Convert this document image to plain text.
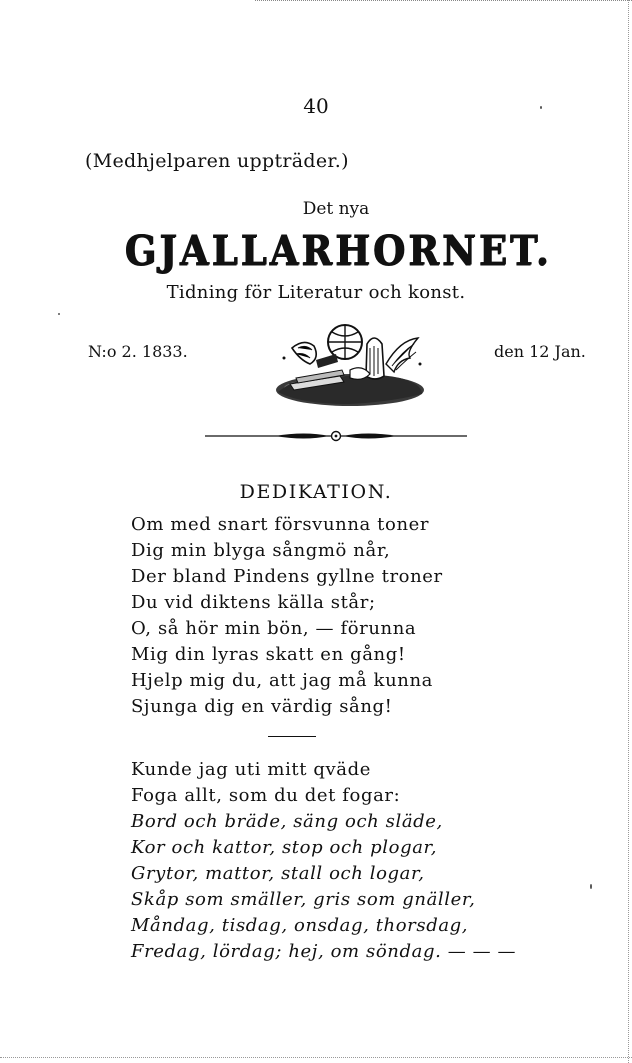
40
(Medhjelparen uppträder.)
Det nya
GJALLARHORNET.
Tidning för Literatur och konst.
N:o 2. 1833.	den 12 Jan.
DEDIKATION.
Om med snart försvunna toner
Dig min blyga sångmö når,
Der bland Pindens gyllne troner
Du vid diktens källa står;
O, så hör min bön, — förunna
Mig din lyras skatt en gång!
Hjelp mig du, att jag må kunna
Sjunga dig en värdig sång!
Kunde jag uti mitt qväde
Foga allt, som du det fogar:
Bord och bräde, säng och släde,
Kor och kattor, stop och plogar,
Grytor, mattor, stall och logar,
Skåp som smäller, gris som gnäller,
Måndag, tisdag, onsdag, thorsdag,
Fredag, lördag; hej, om söndag. — — —
